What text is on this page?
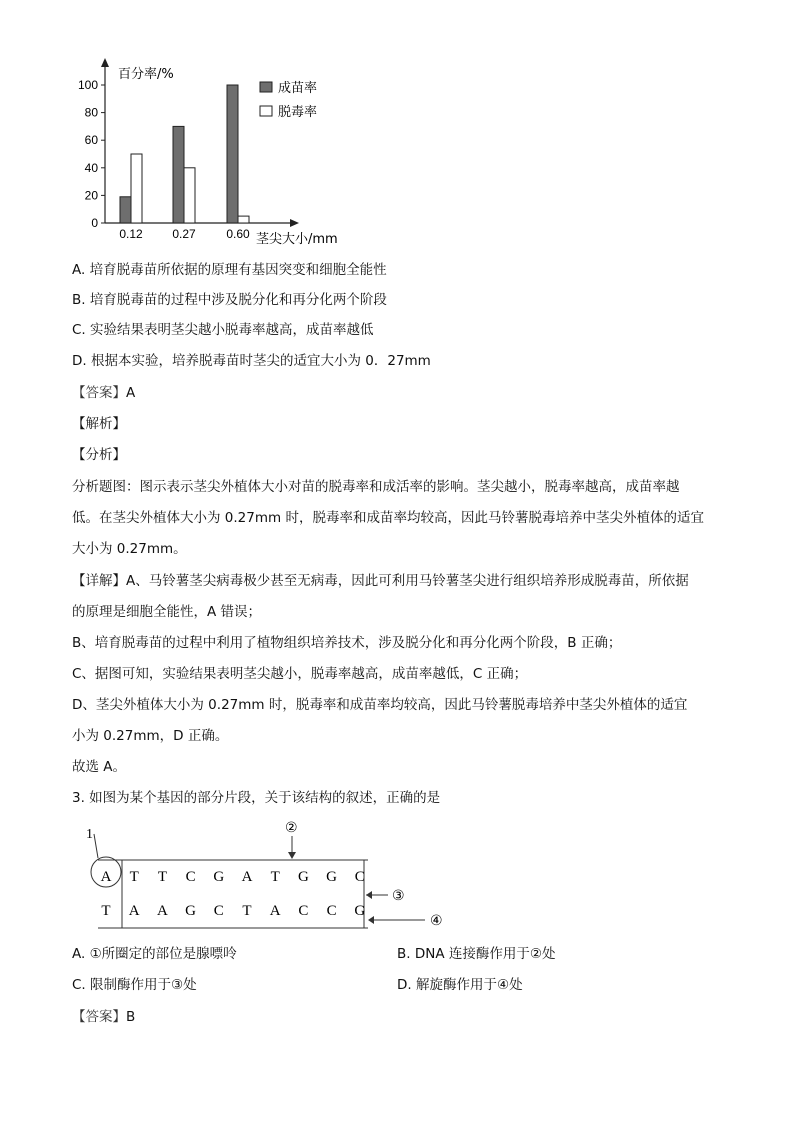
0
20
40
60
80
100
百分率/%
茎尖大小/mm
0.12 0.27	0.60
成苗率
脱毒率
A. 培育脱毒苗所依据的原理有基因突变和细胞全能性
B. 培育脱毒苗的过程中涉及脱分化和再分化两个阶段
C. 实验结果表明茎尖越小脱毒率越高，成苗率越低
D. 根据本实验，培养脱毒苗时茎尖的适宜大小为 0．27mm
【答案】A
【解析】
【分析】
分析题图：图示表示茎尖外植体大小对苗的脱毒率和成活率的影响。茎尖越小，脱毒率越高，成苗率越
低。在茎尖外植体大小为 0.27mm 时，脱毒率和成苗率均较高，因此马铃薯脱毒培养中茎尖外植体的适宜
大小为 0.27mm。
【详解】A、马铃薯茎尖病毒极少甚至无病毒，因此可利用马铃薯茎尖进行组织培养形成脱毒苗，所依据
的原理是细胞全能性，A 错误；
B、培育脱毒苗的过程中利用了植物组织培养技术，涉及脱分化和再分化两个阶段，B 正确；
C、据图可知，实验结果表明茎尖越小，脱毒率越高，成苗率越低，C 正确；
D、茎尖外植体大小为 0.27mm 时，脱毒率和成苗率均较高，因此马铃薯脱毒培养中茎尖外植体的适宜
小为 0.27mm，D 正确。
故选 A。
3. 如图为某个基因的部分片段，关于该结构的叙述，正确的是
1	②
③
④
A T T C G A T G G C
T A A G C T A C C G
A. ①所圈定的部位是腺嘌呤	B. DNA 连接酶作用于②处
C. 限制酶作用于③处	D. 解旋酶作用于④处
【答案】B
